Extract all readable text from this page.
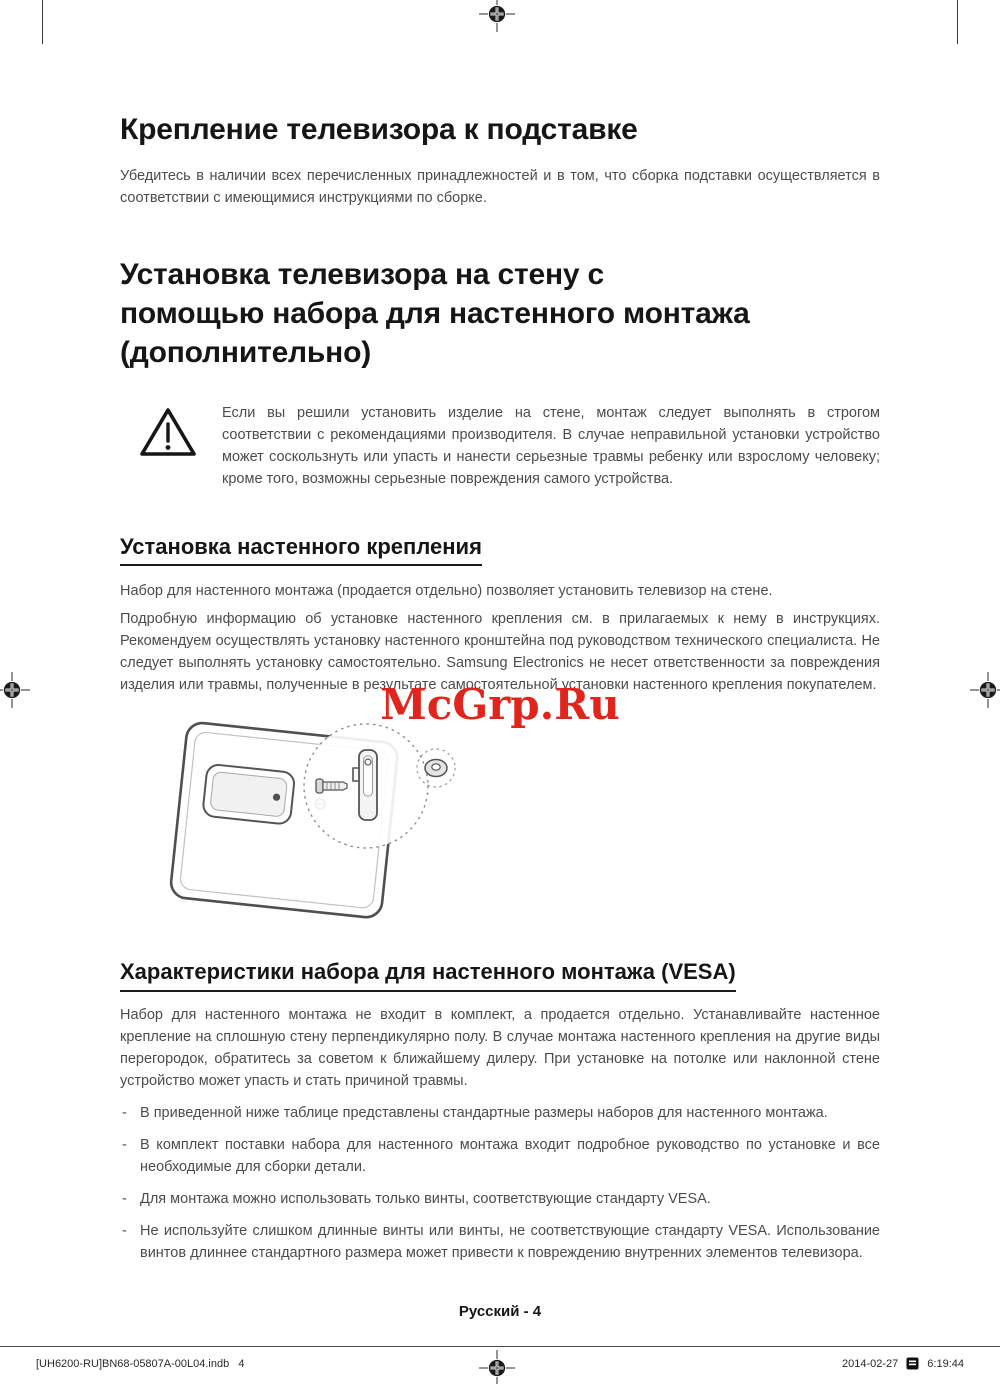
Крепление телевизора к подставке

Убедитесь в наличии всех перечисленных принадлежностей и в том, что сборка подставки осуществляется в соответствии с имеющимися инструкциями по сборке.

Установка телевизора на стену с
помощью набора для настенного монтажа
(дополнительно)

Если вы решили установить изделие на стене, монтаж следует выполнять в строгом соответствии с рекомендациями производителя. В случае неправильной установки устройство может соскользнуть или упасть и нанести серьезные травмы ребенку или взрослому человеку; кроме того, возможны серьезные повреждения самого устройства.

Установка настенного крепления

Набор для настенного монтажа (продается отдельно) позволяет установить телевизор на стене.

Подробную информацию об установке настенного крепления см. в прилагаемых к нему в инструкциях. Рекомендуем осуществлять установку настенного кронштейна под руководством технического специалиста. Не следует выполнять установку самостоятельно. Samsung Electronics не несет ответственности за повреждения изделия или травмы, полученные в результате самостоятельной установки настенного крепления покупателем.

McGrp.Ru
Характеристики набора для настенного монтажа (VESA)

Набор для настенного монтажа не входит в комплект, а продается отдельно. Устанавливайте настенное крепление на сплошную стену перпендикулярно полу. В случае монтажа настенного крепления на другие виды перегородок, обратитесь за советом к ближайшему дилеру. При установке на потолке или наклонной стене устройство может упасть и стать причиной травмы.

- В приведенной ниже таблице представлены стандартные размеры наборов для настенного монтажа.
- В комплект поставки набора для настенного монтажа входит подробное руководство по установке и все необходимые для сборки детали.
- Для монтажа можно использовать только винты, соответствующие стандарту VESA.
- Не используйте слишком длинные винты или винты, не соответствующие стандарту VESA. Использование винтов длиннее стандартного размера может привести к повреждению внутренних элементов телевизора.
Русский - 4
[UH6200-RU]BN68-05807A-00L04.indb   4	2014-02-27	6:19:44
